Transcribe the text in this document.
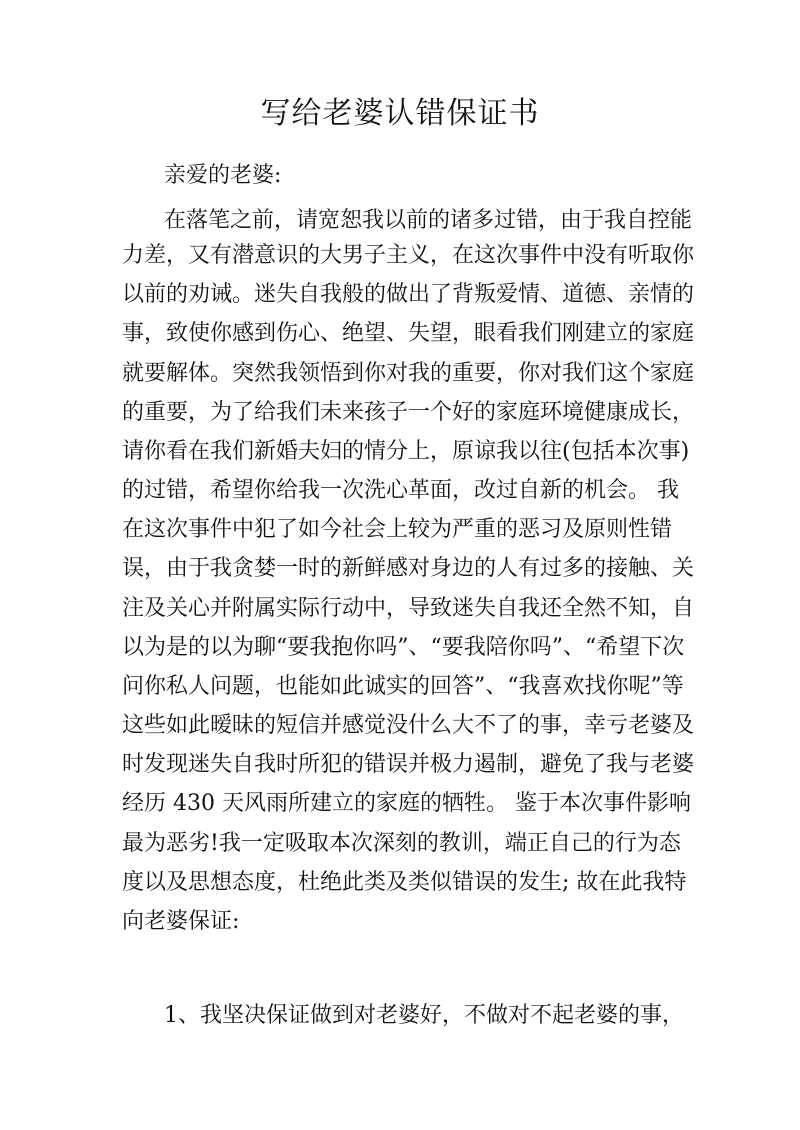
写给老婆认错保证书
亲爱的老婆:
在落笔之前，请宽恕我以前的诸多过错，由于我自控能
力差，又有潜意识的大男子主义，在这次事件中没有听取你
以前的劝诫。迷失自我般的做出了背叛爱情、道德、亲情的
事，致使你感到伤心、绝望、失望，眼看我们刚建立的家庭
就要解体。突然我领悟到你对我的重要，你对我们这个家庭
的重要，为了给我们未来孩子一个好的家庭环境健康成长，
请你看在我们新婚夫妇的情分上，原谅我以往(包括本次事)
的过错，希望你给我一次洗心革面，改过自新的机会。 我
在这次事件中犯了如今社会上较为严重的恶习及原则性错
误，由于我贪婪一时的新鲜感对身边的人有过多的接触、关
注及关心并附属实际行动中，导致迷失自我还全然不知，自
以为是的以为聊“要我抱你吗”、“要我陪你吗”、“希望下次
问你私人问题，也能如此诚实的回答”、“我喜欢找你呢”等
这些如此暧昧的短信并感觉没什么大不了的事，幸亏老婆及
时发现迷失自我时所犯的错误并极力遏制，避免了我与老婆
经历 430 天风雨所建立的家庭的牺牲。 鉴于本次事件影响
最为恶劣!我一定吸取本次深刻的教训，端正自己的行为态
度以及思想态度，杜绝此类及类似错误的发生; 故在此我特
向老婆保证:
1、我坚决保证做到对老婆好，不做对不起老婆的事，
